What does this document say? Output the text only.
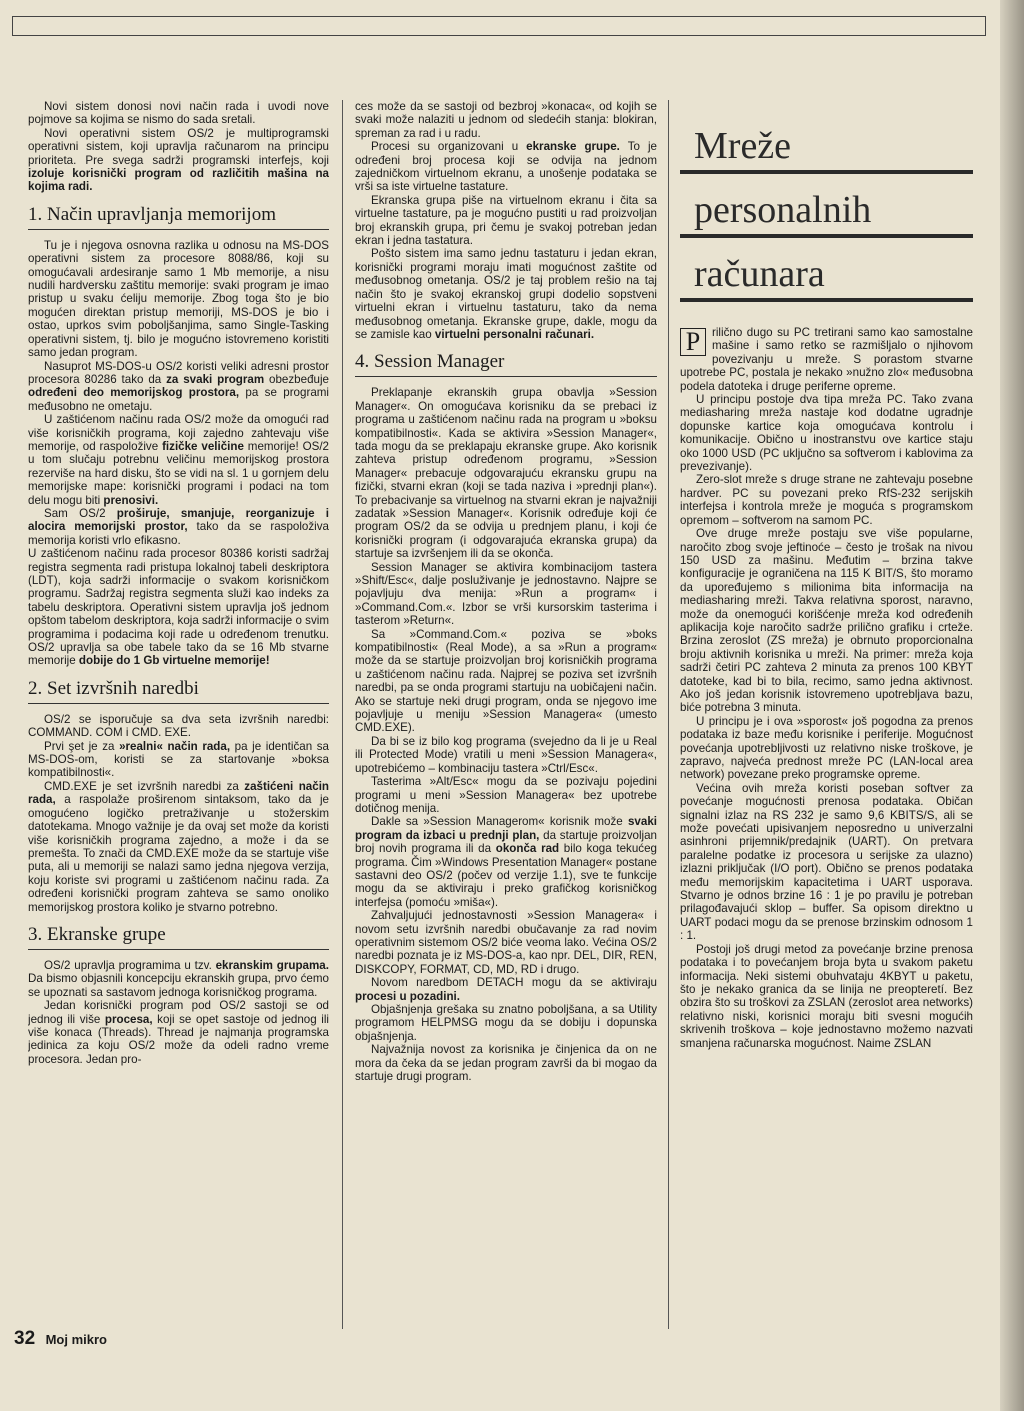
Novi sistem donosi novi način rada i uvodi nove pojmove sa kojima se nismo do sada sretali.

Novi operativni sistem OS/2 je multiprogramski operativni sistem, koji upravlja računarom na principu prioriteta. Pre svega sadrži programski interfejs, koji izoluje korisnički program od različitih mašina na kojima radi.

1. Način upravljanja memorijom

Tu je i njegova osnovna razlika u odnosu na MS-DOS operativni sistem za procesore 8088/86, koji su omogućavali ardesiranje samo 1 Mb memorije, a nisu nudili hardversku zaštitu memorije: svaki program je imao pristup u svaku ćeliju memorije. Zbog toga što je bio mogućen direktan pristup memoriji, MS-DOS je bio i ostao, uprkos svim poboljšanjima, samo Single-Tasking operativni sistem, tj. bilo je mogućno istovremeno koristiti samo jedan program.

Nasuprot MS-DOS-u OS/2 koristi veliki adresni prostor procesora 80286 tako da za svaki program obezbeđuje određeni deo memorijskog prostora, pa se programi međusobno ne ometaju.

U zaštićenom načinu rada OS/2 može da omogući rad više korisničkih programa, koji zajedno zahtevaju više memorije, od raspoložive fizičke veličine memorije! OS/2 u tom slučaju potrebnu veličinu memorijskog prostora rezerviše na hard disku, što se vidi na sl. 1 u gornjem delu memorijske mape: korisnički programi i podaci na tom delu mogu biti prenosivi.

Sam OS/2 proširuje, smanjuje, reorganizuje i alocira memorijski prostor, tako da se raspoloživa memorija koristi vrlo efikasno.

U zaštićenom načinu rada procesor 80386 koristi sadržaj registra segmenta radi pristupa lokalnoj tabeli deskriptora (LDT), koja sadrži informacije o svakom korisničkom programu. Sadržaj registra segmenta služi kao indeks za tabelu deskriptora. Operativni sistem upravlja još jednom opštom tabelom deskriptora, koja sadrži informacije o svim programima i podacima koji rade u određenom trenutku. OS/2 upravlja sa obe tabele tako da se 16 Mb stvarne memorije dobije do 1 Gb virtuelne memorije!

2. Set izvršnih naredbi

OS/2 se isporučuje sa dva seta izvršnih naredbi: COMMAND. COM i CMD. EXE.

Prvi şet je za »realni« način rada, pa je identičan sa MS-DOS-om, koristi se za startovanje »boksa kompatibilnosti«.

CMD.EXE je set izvršnih naredbi za zaštićeni način rada, a raspolaže proširenom sintaksom, tako da je omogućeno logičko pretraživanje u stožerskim datotekama. Mnogo važnije je da ovaj set može da koristi više korisničkih programa zajedno, a može i da se premešta. To znači da CMD.EXE može da se startuje više puta, ali u memoriji se nalazi samo jedna njegova verzija, koju koriste svi programi u zaštićenom načinu rada. Za određeni korisnički program zahteva se samo onoliko memorijskog prostora koliko je stvarno potrebno.

3. Ekranske grupe

OS/2 upravlja programima u tzv. ekranskim grupama. Da bismo objasnili koncepciju ekranskih grupa, prvo ćemo se upoznati sa sastavom jednoga korisničkog programa.

Jedan korisnički program pod OS/2 sastoji se od jednog ili više procesa, koji se opet sastoje od jednog ili više konaca (Threads). Thread je najmanja programska jedinica za koju OS/2 može da odeli radno vreme procesora. Jedan pro-

ces može da se sastoji od bezbroj »konaca«, od kojih se svaki može nalaziti u jednom od sledećih stanja: blokiran, spreman za rad i u radu.

Procesi su organizovani u ekranske grupe. To je određeni broj procesa koji se odvija na jednom zajedničkom virtuelnom ekranu, a unošenje podataka se vrši sa iste virtuelne tastature.

Ekranska grupa piše na virtuelnom ekranu i čita sa virtuelne tastature, pa je mogućno pustiti u rad proizvoljan broj ekranskih grupa, pri čemu je svakoj potreban jedan ekran i jedna tastatura.

Pošto sistem ima samo jednu tastaturu i jedan ekran, korisnički programi moraju imati mogućnost zaštite od međusobnog ometanja. OS/2 je taj problem rešio na taj način što je svakoj ekranskoj grupi dodelio sopstveni virtuelni ekran i virtuelnu tastaturu, tako da nema međusobnog ometanja. Ekranske grupe, dakle, mogu da se zamisle kao virtuelni personalni računari.

4. Session Manager

Preklapanje ekranskih grupa obavlja »Session Manager«. On omogućava korisniku da se prebaci iz programa u zaštićenom načinu rada na program u »boksu kompatibilnosti«. Kada se aktivira »Session Manager«, tada mogu da se preklapaju ekranske grupe. Ako korisnik zahteva pristup određenom programu, »Session Manager« prebacuje odgovarajuću ekransku grupu na fizički, stvarni ekran (koji se tada naziva i »prednji plan«). To prebacivanje sa virtuelnog na stvarni ekran je najvažniji zadatak »Session Manager«. Korisnik određuje koji će program OS/2 da se odvija u prednjem planu, i koji će korisnički program (i odgovarajuća ekranska grupa) da startuje sa izvršenjem ili da se okonča.

Session Manager se aktivira kombinacijom tastera »Shift/Esc«, dalje posluživanje je jednostavno. Najpre se pojavljuju dva menija: »Run a program« i »Command.Com.«. Izbor se vrši kursorskim tasterima i tasterom »Return«.

Sa »Command.Com.« poziva se »boks kompatibilnosti« (Real Mode), a sa »Run a program« može da se startuje proizvoljan broj korisničkih programa u zaštićenom načinu rada. Najprej se poziva set izvršnih naredbi, pa se onda programi startuju na uobičajeni način. Ako se startuje neki drugi program, onda se njegovo ime pojavljuje u meniju »Session Managera« (umesto CMD.EXE).

Da bi se iz bilo kog programa (svejedno da li je u Real ili Protected Mode) vratili u meni »Session Managera«, upotrebićemo – kombinaciju tastera »Ctrl/Esc«.

Tasterima »Alt/Esc« mogu da se pozivaju pojedini programi u meni »Session Managera« bez upotrebe dotičnog menija.

Dakle sa »Session Managerom« korisnik može svaki program da izbaci u prednji plan, da startuje proizvoljan broj novih programa ili da okonča rad bilo koga tekućeg programa. Čim »Windows Presentation Manager« postane sastavni deo OS/2 (počev od verzije 1.1), sve te funkcije mogu da se aktiviraju i preko grafičkog korisničkog interfejsa (pomoću »miša«).

Zahvaljujući jednostavnosti »Session Managera« i novom setu izvršnih naredbi obučavanje za rad novim operativnim sistemom OS/2 biće veoma lako. Većina OS/2 naredbi poznata je iz MS-DOS-a, kao npr. DEL, DIR, REN, DISKCOPY, FORMAT, CD, MD, RD i drugo.

Novom naredbom DETACH mogu da se aktiviraju procesi u pozadini.

Objašnjenja grešaka su znatno poboljšana, a sa Utility programom HELPMSG mogu da se dobiju i dopunska objašnjenja.

Najvažnija novost za korisnika je činjenica da on ne mora da čeka da se jedan program završi da bi mogao da startuje drugi program.

Mreže
personalnih
računara

P	rilično dugo su PC tretirani samo kao samostalne mašine i samo retko se razmišljalo o njihovom povezivanju u mreže. S porastom stvarne upotrebe PC, postala je nekako »nužno zlo« međusobna podela datoteka i druge periferne opreme.

U principu postoje dva tipa mreža PC. Tako zvana mediasharing mreža nastaje kod dodatne ugradnje dopunske kartice koja omogućava kontrolu i komunikacije. Obično u inostranstvu ove kartice staju oko 1000 USD (PC uključno sa softverom i kablovima za prevezivanje).

Zero-slot mreže s druge strane ne zahtevaju posebne hardver. PC su povezani preko RfS-232 serijskih interfejsa i kontrola mreže je moguća s programskom opremom – softverom na samom PC.

Ove druge mreže postaju sve više popularne, naročito zbog svoje jeftinoće – često je trošak na nivou 150 USD za mašinu. Međutim – brzina takve konfiguracije je ograničena na 115 K BIT/S, što moramo da upoređujemo s milionima bita informacija na mediasharing mreži. Takva relativna sporost, naravno, može da onemogući korišćenje mreža kod određenih aplikacija koje naročito sadrže prilično grafiku i crteže. Brzina zeroslot (ZS mreža) je obrnuto proporcionalna broju aktivnih korisnika u mreži. Na primer: mreža koja sadrži četiri PC zahteva 2 minuta za prenos 100 KBYT datoteke, kad bi to bila, recimo, samo jedna aktivnost. Ako još jedan korisnik istovremeno upotrebljava bazu, biće potrebna 3 minuta.

U principu je i ova »sporost« još pogodna za prenos podataka iz baze među korisnike i periferije. Mogućnost povećanja upotrebljivosti uz relativno niske troškove, je zapravo, najveća prednost mreže PC (LAN-local area network) povezane preko programske opreme.

Većina ovih mreža koristi poseban softver za povećanje mogućnosti prenosa podataka. Običan signalni izlaz na RS 232 je samo 9,6 KBITS/S, ali se može povećati upisivanjem neposredno u univerzalni asinhroni prijemnik/predajnik (UART). On pretvara paralelne podatke iz procesora u serijske za ulazno) izlazni priključak (I/O port). Obično se prenos podataka među memorijskim kapacitetima i UART usporava. Stvarno je odnos brzine 16 : 1 je po pravilu je potreban prilagođavajući sklop – buffer. Sa opisom direktno u UART podaci mogu da se prenose brzinskim odnosom 1 : 1.

Postoji još drugi metod za povećanje brzine prenosa podataka i to povećanjem broja byta u svakom paketu informacija. Neki sistemi obuhvataju 4KBYT u paketu, što je nekako granica da se linija ne preopteretí. Bez obzira što su troškovi za ZSLAN (zeroslot area networks) relativno niski, korisnici moraju biti svesni mogućih skrivenih troškova – koje jednostavno možemo nazvati smanjena računarska mogućnost. Naime ZSLAN

32 Moj mikro
